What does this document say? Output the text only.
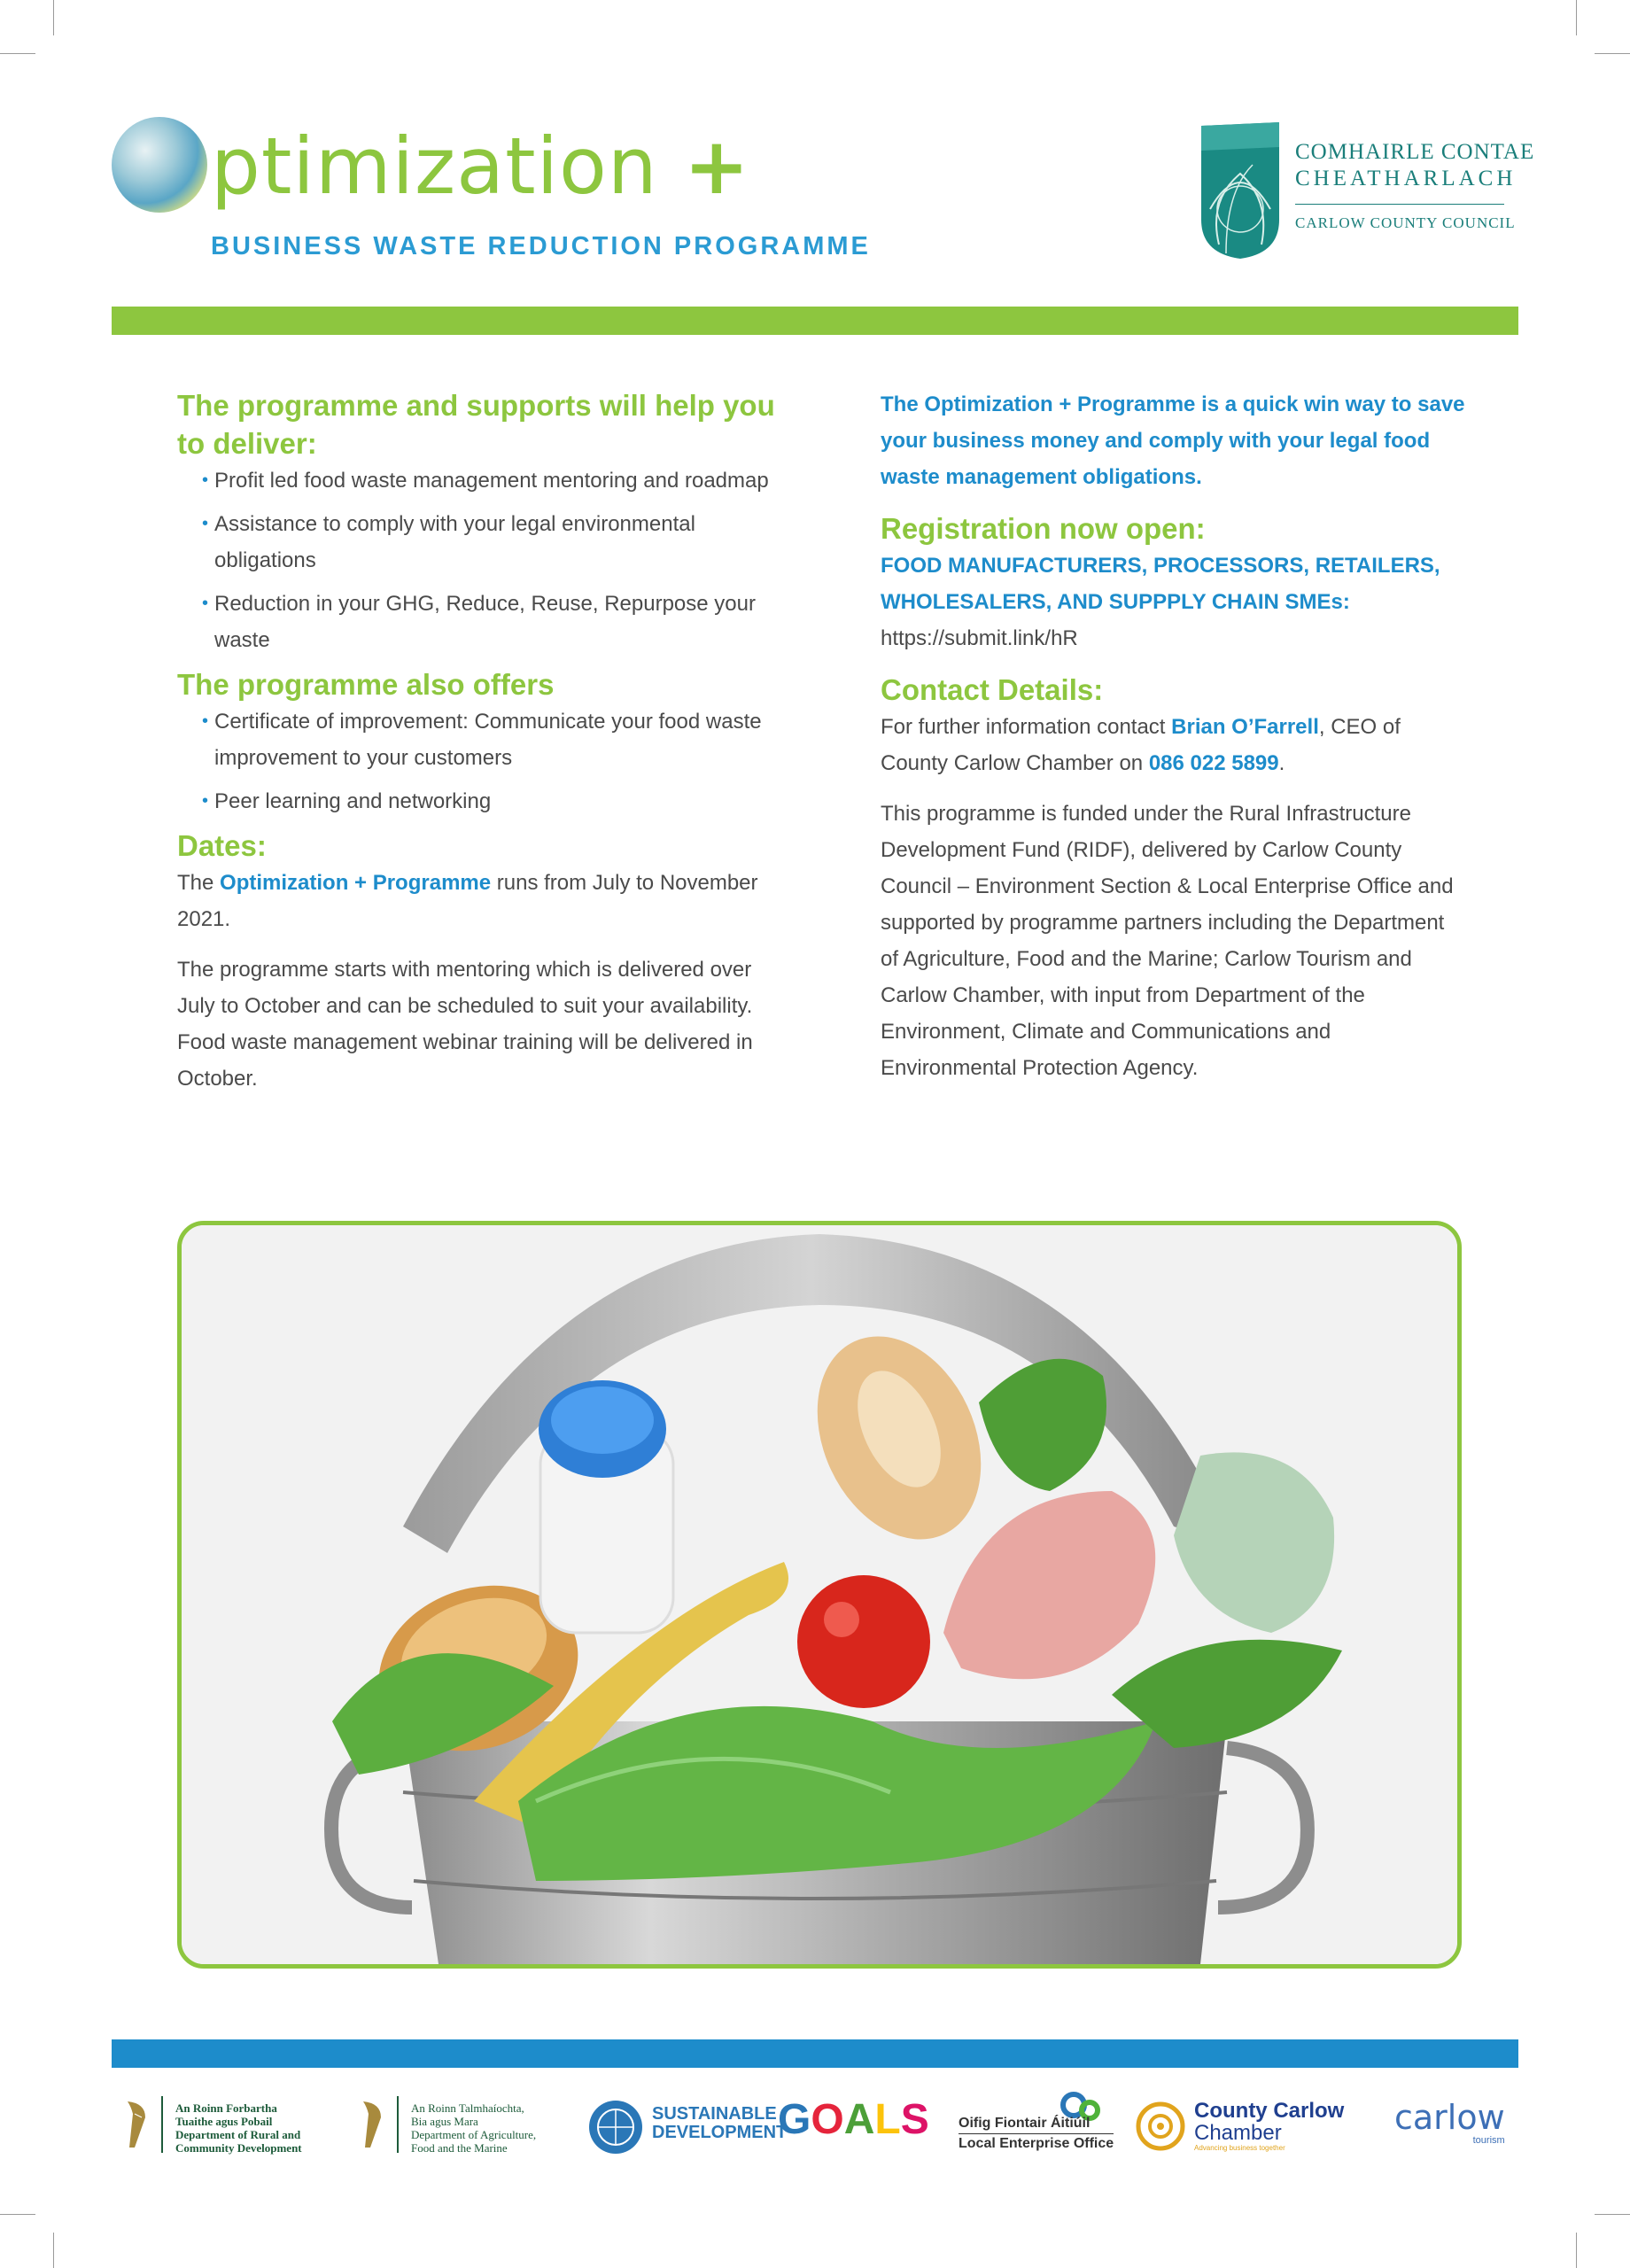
ptimization +
BUSINESS WASTE REDUCTION PROGRAMME
COMHAIRLE CONTAE
CHEATHARLACH
CARLOW COUNTY COUNCIL
The programme and supports will help you to deliver:
• Profit led food waste management mentoring and roadmap
• Assistance to comply with your legal environmental obligations
• Reduction in your GHG, Reduce, Reuse, Repurpose your waste
The programme also offers
• Certificate of improvement: Communicate your food waste improvement to your customers
• Peer learning and networking
Dates:

The Optimization + Programme runs from July to November 2021.

The programme starts with mentoring which is delivered over July to October and can be scheduled to suit your availability. Food waste management webinar training will be delivered in October.

The Optimization + Programme is a quick win way to save your business money and comply with your legal food waste management obligations.

Registration now open:

FOOD MANUFACTURERS, PROCESSORS, RETAILERS, WHOLESALERS, AND SUPPPLY CHAIN SMEs:

https://submit.link/hR

Contact Details:

For further information contact Brian O’Farrell, CEO of County Carlow Chamber on 086 022 5899.

This programme is funded under the Rural Infrastructure Development Fund (RIDF), delivered by Carlow County Council – Environment Section & Local Enterprise Office and supported by programme partners including the Department of Agriculture, Food and the Marine; Carlow Tourism and Carlow Chamber, with input from Department of the Environment, Climate and Communications and Environmental Protection Agency.

An Roinn Forbartha
Tuaithe agus Pobail
Department of Rural and
Community Development
An Roinn Talmhaíochta,
Bia agus Mara
Department of Agriculture,
Food and the Marine
SUSTAINABLE
DEVELOPMENT
GOALS Oifig Fiontair Áitiúil
Local Enterprise Office
County Carlow
Chamber
Advancing business together
carlow
tourism
